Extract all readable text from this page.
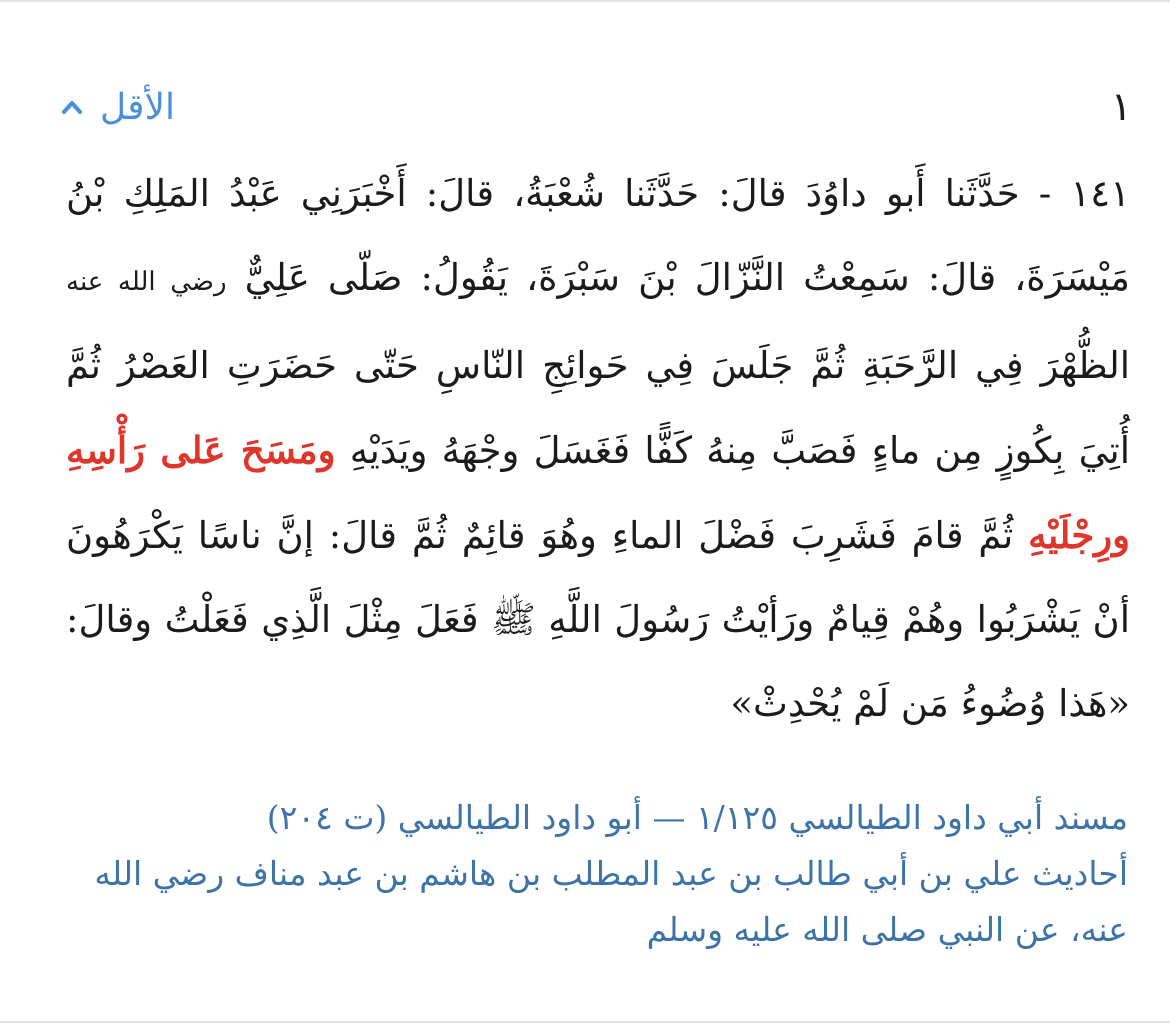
١
الأقل

١٤١ - حَدَّثَنا أَبو داوُدَ قالَ: حَدَّثَنا شُعْبَةُ، قالَ: أَخْبَرَنِي عَبْدُ المَلِكِ بْنُ مَيْسَرَةَ، قالَ: سَمِعْتُ النَّزّالَ بْنَ سَبْرَةَ، يَقُولُ: صَلّى عَلِيٌّ رضي الله عنه الظُّهْرَ فِي الرَّحَبَةِ ثُمَّ جَلَسَ فِي حَوائِجِ النّاسِ حَتّى حَضَرَتِ العَصْرُ ثُمَّ أُتِيَ بِكُوزٍ مِن ماءٍ فَصَبَّ مِنهُ كَفًّا فَغَسَلَ وجْهَهُ ويَدَيْهِ ومَسَحَ عَلى رَأْسِهِ ورِجْلَيْهِ ثُمَّ قامَ فَشَرِبَ فَضْلَ الماءِ وهُوَ قائِمٌ ثُمَّ قالَ: إنَّ ناسًا يَكْرَهُونَ أنْ يَشْرَبُوا وهُمْ قِيامٌ ورَأيْتُ رَسُولَ اللَّهِ ﷺ فَعَلَ مِثْلَ الَّذِي فَعَلْتُ وقالَ: «هَذا وُضُوءُ مَن لَمْ يُحْدِثْ»

مسند أبي داود الطيالسي ١/١٢٥ — أبو داود الطيالسي (ت ٢٠٤)
أحاديث علي بن أبي طالب بن عبد المطلب بن هاشم بن عبد مناف رضي الله عنه، عن النبي صلى الله عليه وسلم
